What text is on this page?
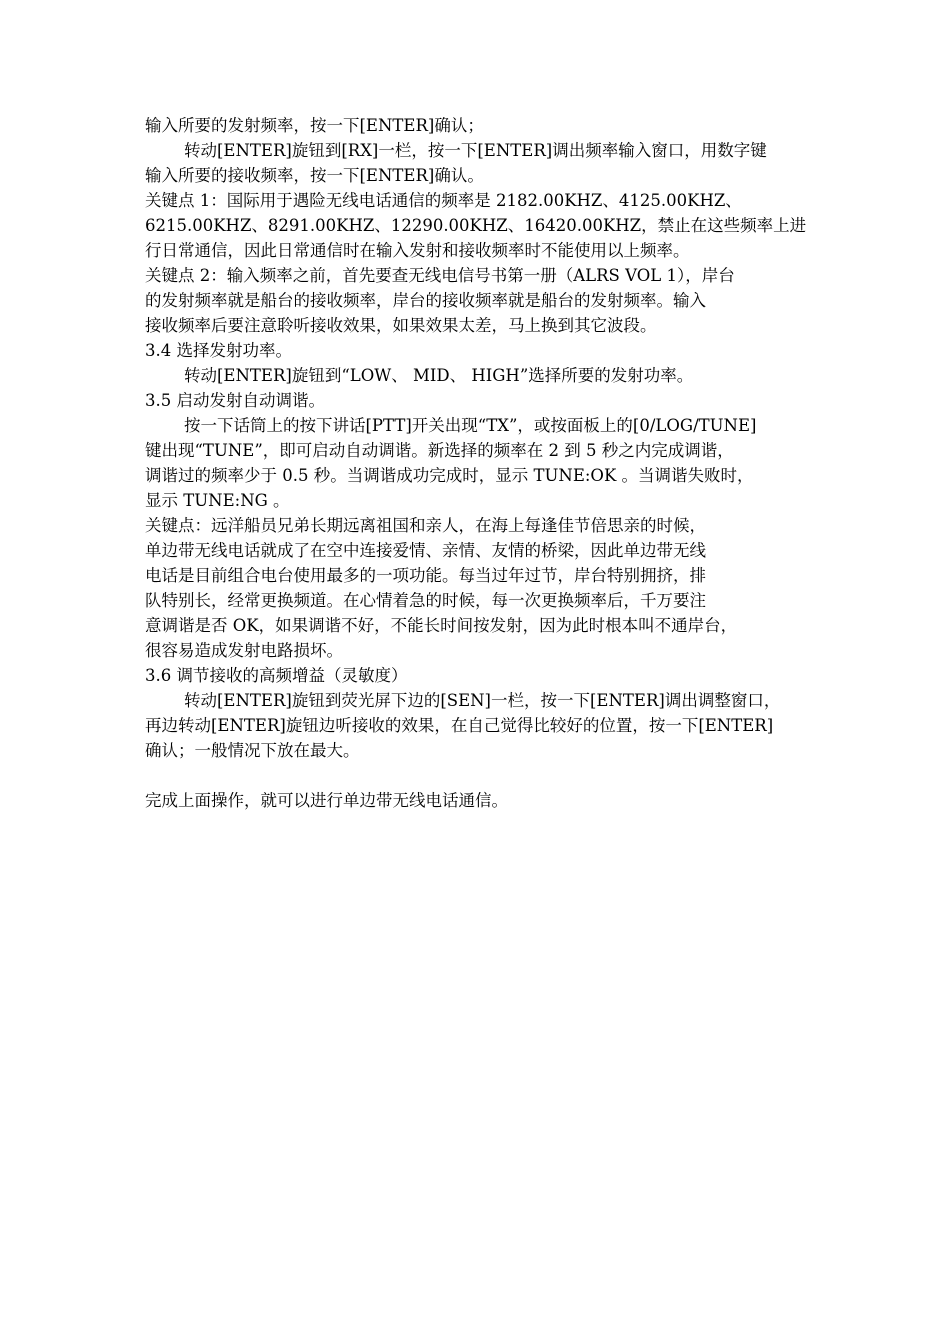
输入所要的发射频率，按一下[ENTER]确认；
转动[ENTER]旋钮到[RX]一栏，按一下[ENTER]调出频率输入窗口，用数字键
输入所要的接收频率，按一下[ENTER]确认。
关键点 1：国际用于遇险无线电话通信的频率是 2182.00KHZ、4125.00KHZ、
6215.00KHZ、8291.00KHZ、12290.00KHZ、16420.00KHZ，禁止在这些频率上进
行日常通信，因此日常通信时在输入发射和接收频率时不能使用以上频率。
关键点 2：输入频率之前，首先要查无线电信号书第一册（ALRS VOL 1），岸台
的发射频率就是船台的接收频率，岸台的接收频率就是船台的发射频率。输入
接收频率后要注意聆听接收效果，如果效果太差，马上换到其它波段。
3.4 选择发射功率。
转动[ENTER]旋钮到“LOW、 MID、 HIGH”选择所要的发射功率。
3.5 启动发射自动调谐。
按一下话筒上的按下讲话[PTT]开关出现“TX”，或按面板上的[0/LOG/TUNE]
键出现“TUNE”，即可启动自动调谐。新选择的频率在 2 到 5 秒之内完成调谐，
调谐过的频率少于 0.5 秒。当调谐成功完成时，显示 TUNE:OK 。当调谐失败时，
显示 TUNE:NG 。
关键点：远洋船员兄弟长期远离祖国和亲人，在海上每逢佳节倍思亲的时候，
单边带无线电话就成了在空中连接爱情、亲情、友情的桥梁，因此单边带无线
电话是目前组合电台使用最多的一项功能。每当过年过节，岸台特别拥挤，排
队特别长，经常更换频道。在心情着急的时候，每一次更换频率后，千万要注
意调谐是否 OK，如果调谐不好，不能长时间按发射，因为此时根本叫不通岸台，
很容易造成发射电路损坏。
3.6 调节接收的高频增益（灵敏度）
转动[ENTER]旋钮到荧光屏下边的[SEN]一栏，按一下[ENTER]调出调整窗口，
再边转动[ENTER]旋钮边听接收的效果，在自己觉得比较好的位置，按一下[ENTER]
确认；一般情况下放在最大。
完成上面操作，就可以进行单边带无线电话通信。
